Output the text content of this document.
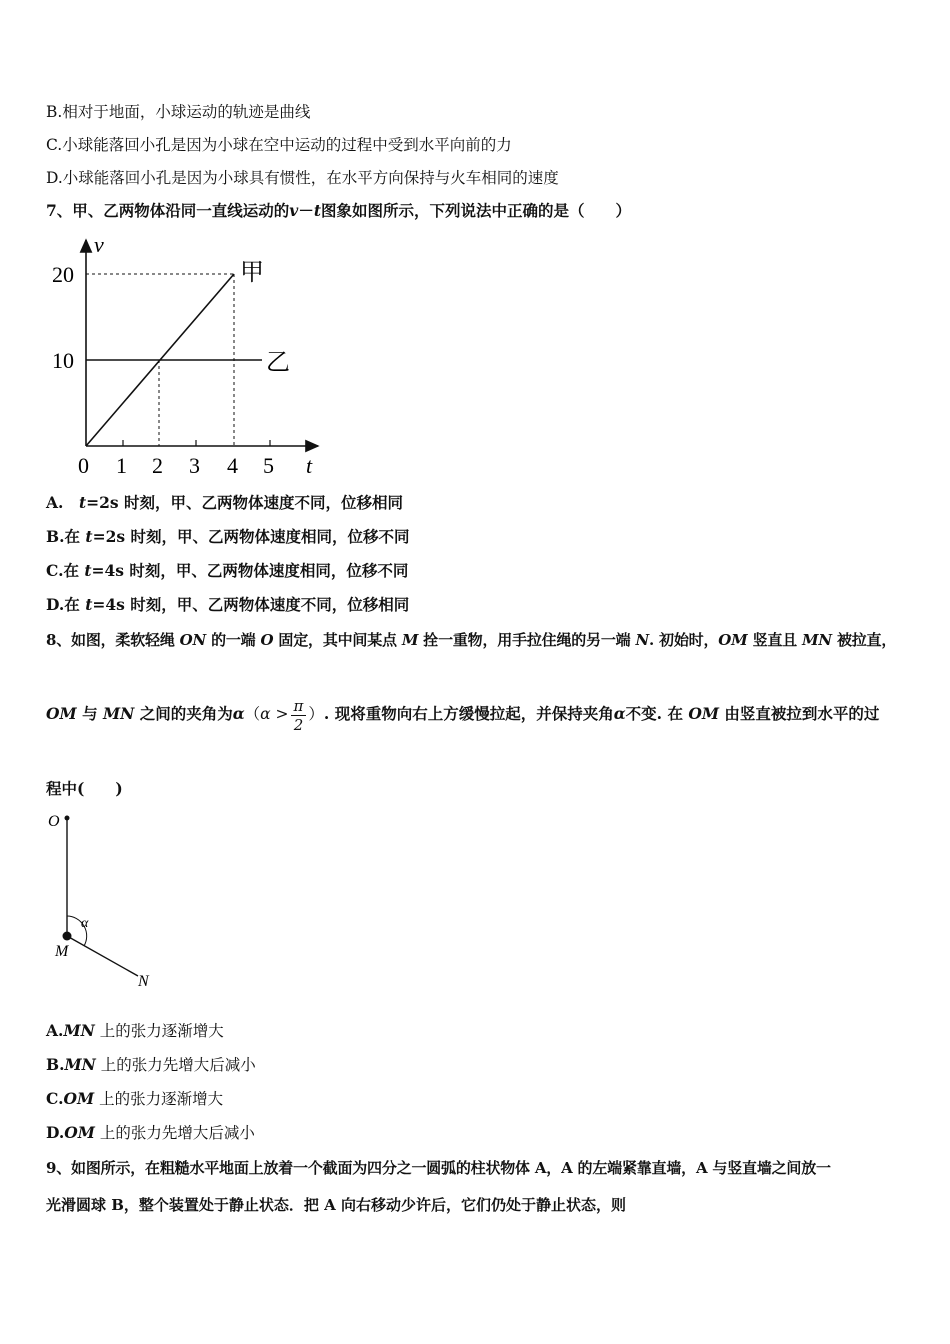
B.相对于地面，小球运动的轨迹是曲线
C.小球能落回小孔是因为小球在空中运动的过程中受到水平向前的力
D.小球能落回小孔是因为小球具有惯性，在水平方向保持与火车相同的速度
7、甲、乙两物体沿同一直线运动的v－t图象如图所示，下列说法中正确的是（　　）
v
t
20
10
0 1 2 3 4 5
甲
乙
A.　t=2s 时刻，甲、乙两物体速度不同，位移相同
B.在 t=2s 时刻，甲、乙两物体速度相同，位移不同
C.在 t=4s 时刻，甲、乙两物体速度相同，位移不同
D.在 t=4s 时刻，甲、乙两物体速度不同，位移相同
8、如图，柔软轻绳 ON 的一端 O 固定，其中间某点 M 拴一重物，用手拉住绳的另一端 N. 初始时，OM 竖直且 MN 被拉直，
OM 与 MN 之间的夹角为$\alpha(\alpha > \frac{\pi}{2}$ ）. 现将重物向右上方缓慢拉起，并保持夹角α不变. 在 OM 由竖直被拉到水平的过
程中(　　)
O
M
N
α
A.MN 上的张力逐渐增大
B.MN 上的张力先增大后减小
C.OM 上的张力逐渐增大
D.OM 上的张力先增大后减小
9、如图所示，在粗糙水平地面上放着一个截面为四分之一圆弧的柱状物体 A，A 的左端紧靠直墙，A 与竖直墙之间放一
光滑圆球 B，整个装置处于静止状态．把 A 向右移动少许后，它们仍处于静止状态，则
